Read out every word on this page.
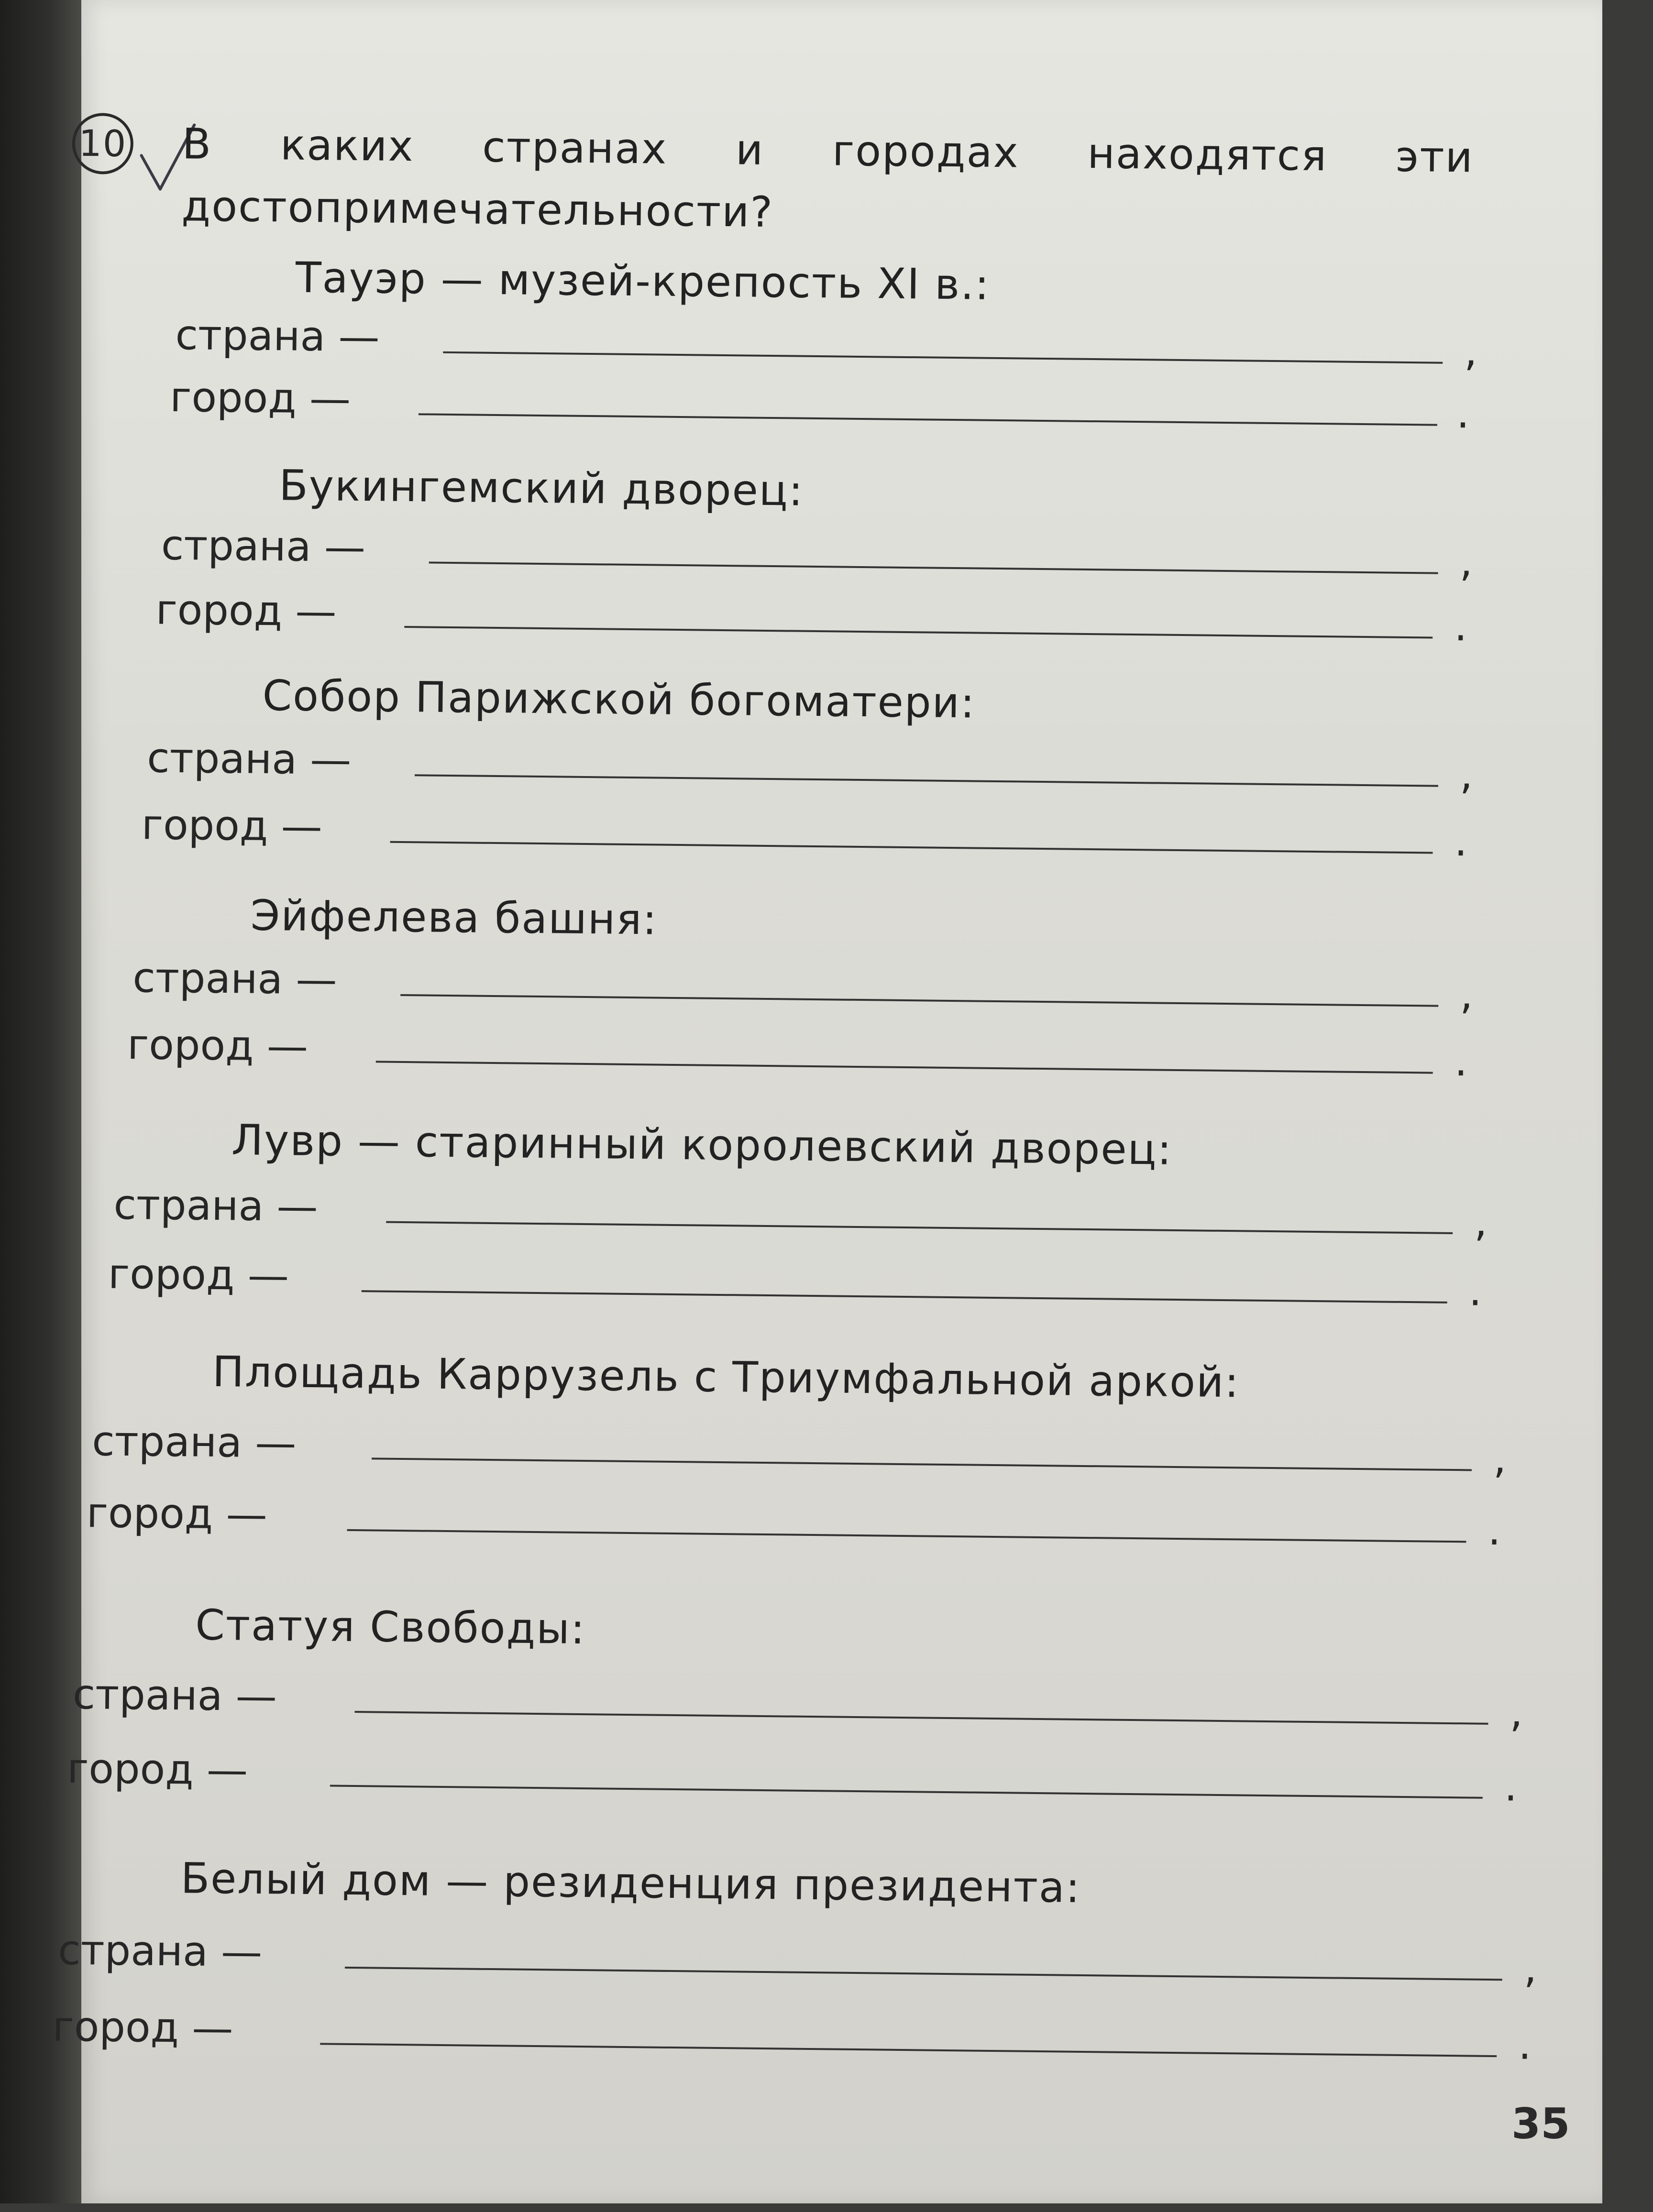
10 В каких странах и городах находятся эти достопримечательности?
Тауэр — музей-крепость XI в.:
страна —	,
город —	.
Букингемский дворец:
страна —	,
город —	.
Собор Парижской богоматери:
страна —	,
город —	.
Эйфелева башня:
страна —	,
город —	.
Лувр — старинный королевский дворец:
страна —	,
город —	.
Площадь Каррузель с Триумфальной аркой:
страна —	,
город —	.
Статуя Свободы:
страна —	,
город —	.
Белый дом — резиденция президента:
страна —	,
город —	.
35
